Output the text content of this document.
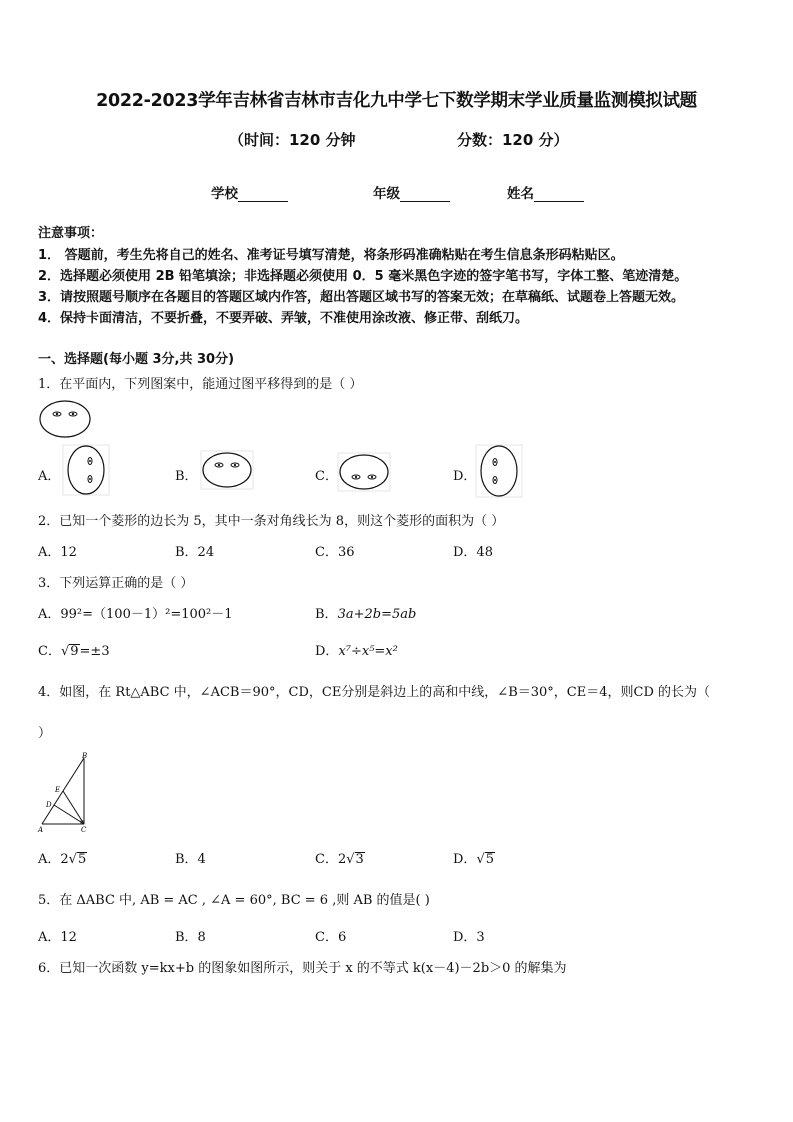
2022-2023学年吉林省吉林市吉化九中学七下数学期末学业质量监测模拟试题
（时间：120 分钟	分数：120 分）
学校	年级	姓名
注意事项：
1． 答题前，考生先将自己的姓名、准考证号填写清楚，将条形码准确粘贴在考生信息条形码粘贴区。
2．选择题必须使用 2B 铅笔填涂；非选择题必须使用 0．5 毫米黑色字迹的签字笔书写，字体工整、笔迹清楚。
3．请按照题号顺序在各题目的答题区域内作答，超出答题区域书写的答案无效；在草稿纸、试题卷上答题无效。
4．保持卡面清洁，不要折叠，不要弄破、弄皱，不准使用涂改液、修正带、刮纸刀。
一、选择题(每小题 3分,共 30分)
1．在平面内，下列图案中，能通过图平移得到的是（ ）
A．	B．	C．	D．
2．已知一个菱形的边长为 5，其中一条对角线长为 8，则这个菱形的面积为（ ）
A．12	B．24	C．36	D．48
3．下列运算正确的是（ ）
A．99²=（100－1）²=100²－1	B．3a+2b=5ab
C．√9=±3	D．x⁷÷x⁵=x²
4．如图，在 Rt△ABC 中，∠ACB＝90°，CD，CE分别是斜边上的高和中线，∠B＝30°，CE＝4，则CD 的长为（
）
B
E
D
A	C
A．2√5	B．4	C．2√3	D．√5
5．在 ΔABC 中, AB = AC , ∠A = 60°, BC = 6 ,则 AB 的值是( )
A．12	B．8	C．6	D．3
6．已知一次函数 y=kx+b 的图象如图所示，则关于 x 的不等式 k(x－4)－2b＞0 的解集为
